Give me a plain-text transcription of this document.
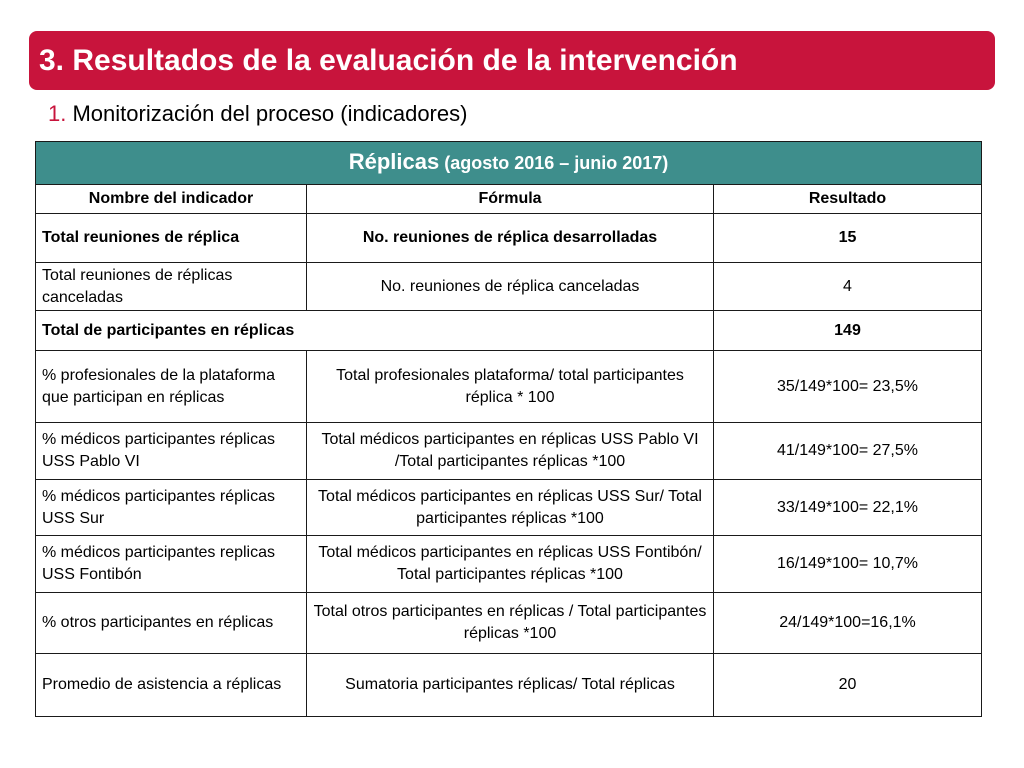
3. Resultados de la evaluación de la intervención
1. Monitorización del proceso (indicadores)
Réplicas (agosto 2016 – junio 2017)		
Nombre del indicador	Fórmula	Resultado
Total reuniones de réplica	No. reuniones de réplica desarrolladas	15
Total reuniones de réplicas canceladas	No. reuniones de réplica canceladas	4
Total de participantes en réplicas		149
% profesionales de la plataforma que participan en réplicas	Total profesionales plataforma/ total participantes réplica * 100	35/149*100= 23,5%
% médicos participantes réplicas USS Pablo VI	Total médicos participantes en réplicas USS Pablo VI /Total participantes réplicas *100	41/149*100= 27,5%
% médicos participantes réplicas USS Sur	Total médicos participantes en réplicas USS Sur/ Total participantes réplicas *100	33/149*100= 22,1%
% médicos participantes replicas USS Fontibón	Total médicos participantes en réplicas USS Fontibón/ Total participantes réplicas *100	16/149*100= 10,7%
% otros participantes en réplicas	Total otros participantes en réplicas / Total participantes réplicas *100	24/149*100=16,1%
Promedio de asistencia a réplicas	Sumatoria participantes réplicas/ Total réplicas	20
